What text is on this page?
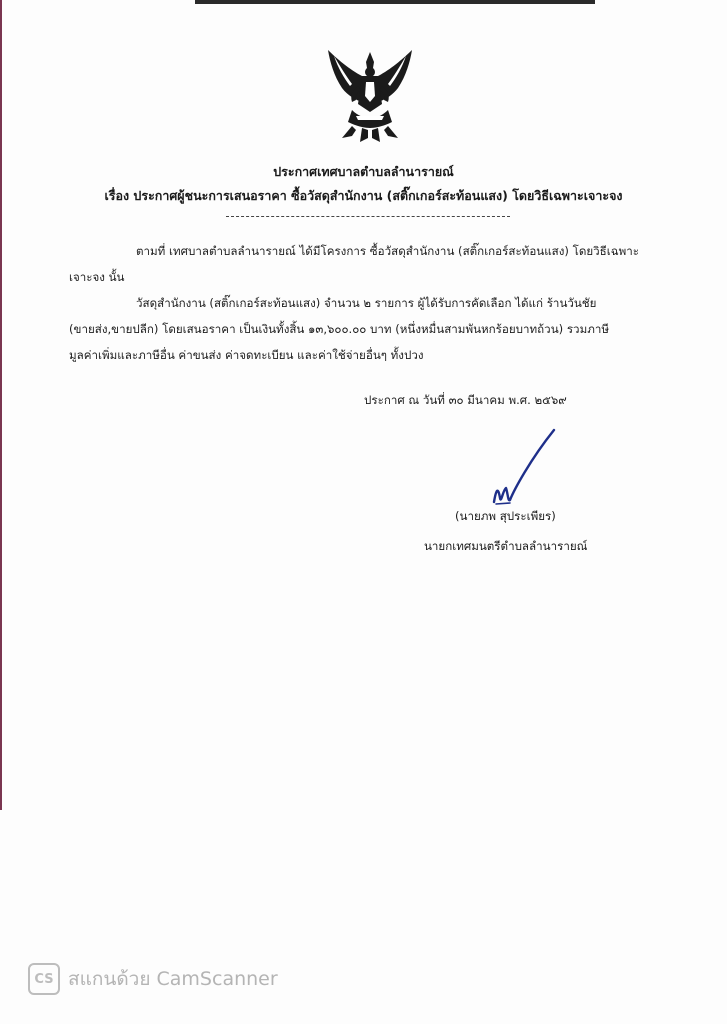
ประกาศเทศบาลตำบลลำนารายณ์
เรื่อง ประกาศผู้ชนะการเสนอราคา ซื้อวัสดุสำนักงาน (สติ๊กเกอร์สะท้อนแสง) โดยวิธีเฉพาะเจาะจง
ตามที่ เทศบาลตำบลลำนารายณ์ ได้มีโครงการ ซื้อวัสดุสำนักงาน (สติ๊กเกอร์สะท้อนแสง) โดยวิธีเฉพาะ
เจาะจง นั้น
วัสดุสำนักงาน (สติ๊กเกอร์สะท้อนแสง) จำนวน ๒ รายการ ผู้ได้รับการคัดเลือก ได้แก่ ร้านวันชัย
(ขายส่ง,ขายปลีก) โดยเสนอราคา เป็นเงินทั้งสิ้น ๑๓,๖๐๐.๐๐ บาท (หนึ่งหมื่นสามพันหกร้อยบาทถ้วน) รวมภาษี
มูลค่าเพิ่มและภาษีอื่น ค่าขนส่ง ค่าจดทะเบียน และค่าใช้จ่ายอื่นๆ ทั้งปวง
ประกาศ ณ วันที่ ๓๐ มีนาคม พ.ศ. ๒๕๖๙
(นายภพ สุประเพียร)
นายกเทศมนตรีตำบลลำนารายณ์
CS สแกนด้วย CamScanner
